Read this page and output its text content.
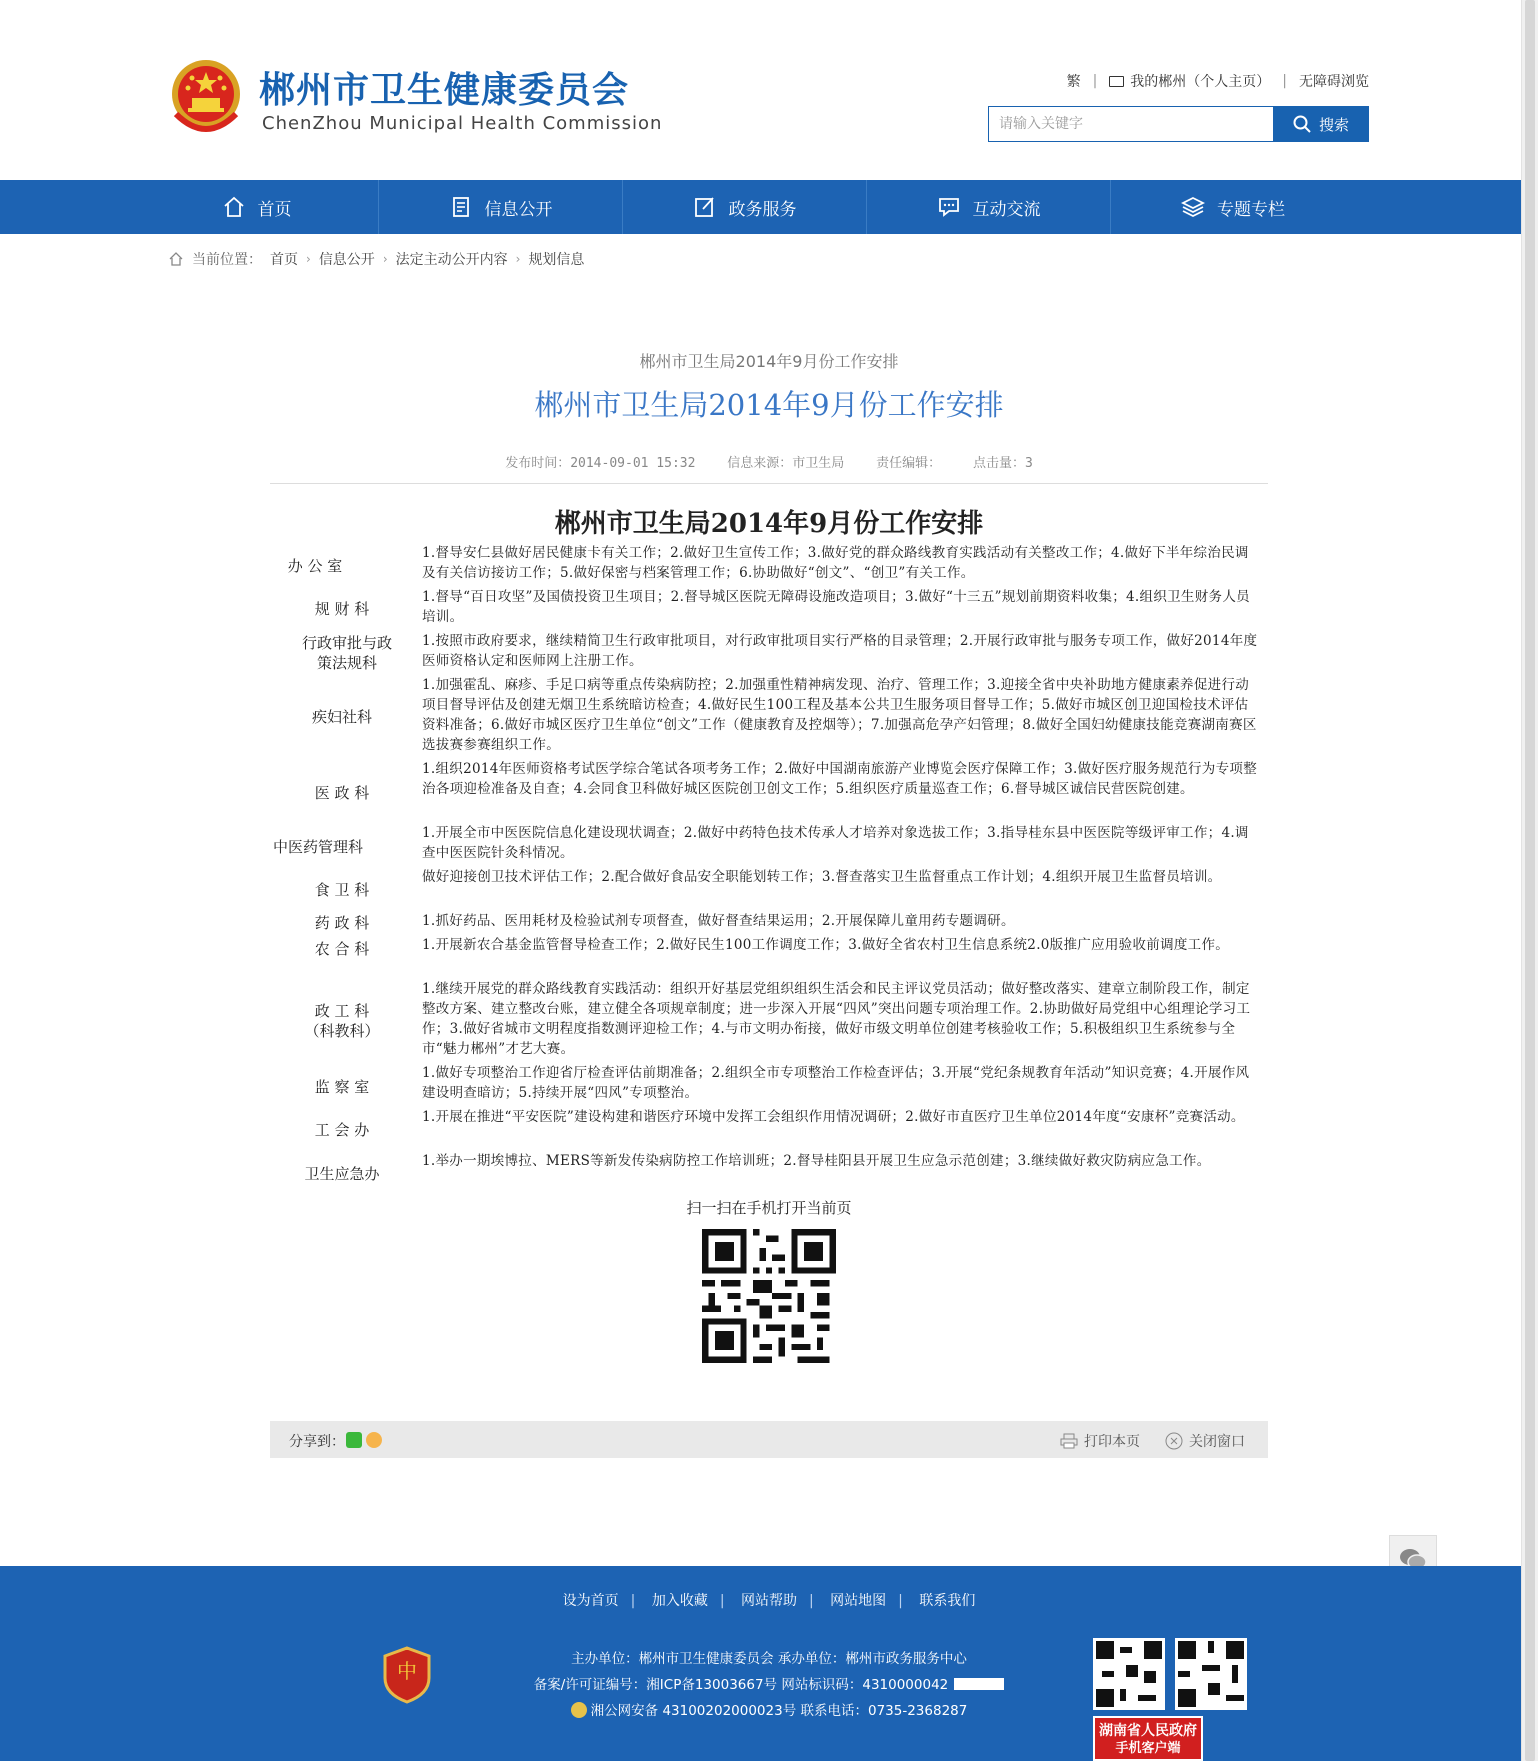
郴州市卫生健康委员会
ChenZhou Municipal Health Commission
繁 |	我的郴州（个人主页） | 无障碍浏览
请输入关键字	搜索
首页	信息公开	政务服务	互动交流	专题专栏
当前位置： 首页 › 信息公开 › 法定主动公开内容 › 规划信息
郴州市卫生局2014年9月份工作安排
郴州市卫生局2014年9月份工作安排
发布时间：2014-09-01 15:32 信息来源：市卫生局 责任编辑： 点击量：3
郴州市卫生局2014年9月份工作安排
办 公 室
1.督导安仁县做好居民健康卡有关工作；2.做好卫生宣传工作；3.做好党的群众路线教育实践活动有关整改工作；4.做好下半年综治民调及有关信访接访工作；5.做好保密与档案管理工作；6.协助做好“创文”、“创卫”有关工作。
规 财 科
1.督导“百日攻坚”及国债投资卫生项目；2.督导城区医院无障碍设施改造项目；3.做好“十三五”规划前期资料收集；4.组织卫生财务人员培训。
行政审批与政策法规科
1.按照市政府要求，继续精简卫生行政审批项目，对行政审批项目实行严格的目录管理；2.开展行政审批与服务专项工作，做好2014年度医师资格认定和医师网上注册工作。
疾妇社科
1.加强霍乱、麻疹、手足口病等重点传染病防控；2.加强重性精神病发现、治疗、管理工作；3.迎接全省中央补助地方健康素养促进行动项目督导评估及创建无烟卫生系统暗访检查；4.做好民生100工程及基本公共卫生服务项目督导工作；5.做好市城区创卫迎国检技术评估资料准备；6.做好市城区医疗卫生单位“创文”工作（健康教育及控烟等）；7.加强高危孕产妇管理；8.做好全国妇幼健康技能竞赛湖南赛区选拔赛参赛组织工作。
医 政 科
1.组织2014年医师资格考试医学综合笔试各项考务工作；2.做好中国湖南旅游产业博览会医疗保障工作；3.做好医疗服务规范行为专项整治各项迎检准备及自查；4.会同食卫科做好城区医院创卫创文工作；5.组织医疗质量巡查工作；6.督导城区诚信民营医院创建。
中医药管理科
1.开展全市中医医院信息化建设现状调查；2.做好中药特色技术传承人才培养对象选拔工作；3.指导桂东县中医医院等级评审工作；4.调查中医医院针灸科情况。
食 卫 科
做好迎接创卫技术评估工作；2.配合做好食品安全职能划转工作；3.督查落实卫生监督重点工作计划；4.组织开展卫生监督员培训。
药 政 科	1.抓好药品、医用耗材及检验试剂专项督查，做好督查结果运用；2.开展保障儿童用药专题调研。
农 合 科	1.开展新农合基金监管督导检查工作；2.做好民生100工作调度工作；3.做好全省农村卫生信息系统2.0版推广应用验收前调度工作。
政 工 科（科教科）
1.继续开展党的群众路线教育实践活动：组织开好基层党组织组织生活会和民主评议党员活动；做好整改落实、建章立制阶段工作，制定整改方案、建立整改台账，建立健全各项规章制度；进一步深入开展“四风”突出问题专项治理工作。2.协助做好局党组中心组理论学习工作；3.做好省城市文明程度指数测评迎检工作；4.与市文明办衔接，做好市级文明单位创建考核验收工作；5.积极组织卫生系统参与全市“魅力郴州”才艺大赛。
监 察 室
1.做好专项整治工作迎省厅检查评估前期准备；2.组织全市专项整治工作检查评估；3.开展“党纪条规教育年活动”知识竞赛；4.开展作风建设明查暗访；5.持续开展“四风”专项整治。
工 会 办
1.开展在推进“平安医院”建设构建和谐医疗环境中发挥工会组织作用情况调研；2.做好市直医疗卫生单位2014年度“安康杯”竞赛活动。
卫生应急办
1.举办一期埃博拉、MERS等新发传染病防控工作培训班；2.督导桂阳县开展卫生应急示范创建；3.继续做好救灾防病应急工作。
扫一扫在手机打开当前页
分享到：	打印本页	关闭窗口
设为首页 | 加入收藏 | 网站帮助 | 网站地图 | 联系我们
中	主办单位：郴州市卫生健康委员会 承办单位：郴州市政务服务中心
备案/许可证编号：湘ICP备13003667号 网站标识码：4310000042
湘公网安备 43100202000023号 联系电话：0735-2368287
湖南省人民政府
手机客户端
